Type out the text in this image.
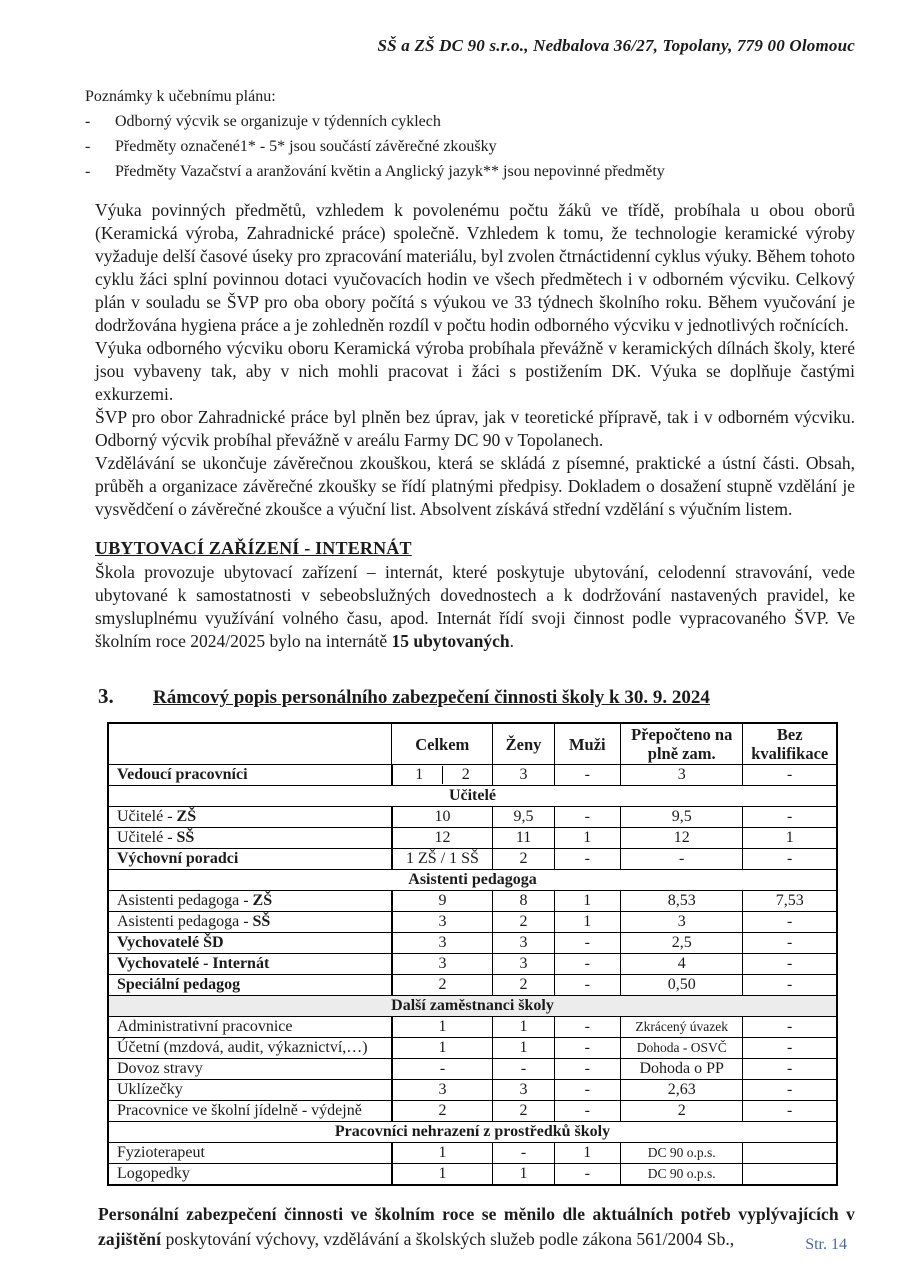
SŠ a ZŠ DC 90 s.r.o., Nedbalova 36/27, Topolany, 779 00 Olomouc
Poznámky k učebnímu plánu:
-	Odborný výcvik se organizuje v týdenních cyklech
-	Předměty označené1* - 5* jsou součástí závěrečné zkoušky
-	Předměty Vazačství a aranžování květin a Anglický jazyk** jsou nepovinné předměty

Výuka povinných předmětů, vzhledem k povolenému počtu žáků ve třídě, probíhala u obou oborů (Keramická výroba, Zahradnické práce) společně. Vzhledem k tomu, že technologie keramické výroby vyžaduje delší časové úseky pro zpracování materiálu, byl zvolen čtrnáctidenní cyklus výuky. Během tohoto cyklu žáci splní povinnou dotaci vyučovacích hodin ve všech předmětech i v odborném výcviku. Celkový plán v souladu se ŠVP pro oba obory počítá s výukou ve 33 týdnech školního roku. Během vyučování je dodržována hygiena práce a je zohledněn rozdíl v počtu hodin odborného výcviku v jednotlivých ročnících.

Výuka odborného výcviku oboru Keramická výroba probíhala převážně v keramických dílnách školy, které jsou vybaveny tak, aby v nich mohli pracovat i žáci s postižením DK. Výuka se doplňuje častými exkurzemi.

ŠVP pro obor Zahradnické práce byl plněn bez úprav, jak v teoretické přípravě, tak i v odborném výcviku. Odborný výcvik probíhal převážně v areálu Farmy DC 90 v Topolanech.

Vzdělávání se ukončuje závěrečnou zkouškou, která se skládá z písemné, praktické a ústní části. Obsah, průběh a organizace závěrečné zkoušky se řídí platnými předpisy. Dokladem o dosažení stupně vzdělání je vysvědčení o závěrečné zkoušce a výuční list. Absolvent získává střední vzdělání s výučním listem.

UBYTOVACÍ ZAŘÍZENÍ - INTERNÁT
Škola provozuje ubytovací zařízení – internát, které poskytuje ubytování, celodenní stravování, vede ubytované k samostatnosti v sebeobslužných dovednostech a k dodržování nastavených pravidel, ke smysluplnému využívání volného času, apod. Internát řídí svoji činnost podle vypracovaného ŠVP. Ve školním roce 2024/2025 bylo na internátě 15 ubytovaných.
3.	Rámcový popis personálního zabezpečení činnosti školy k 30. 9. 2024
	Celkem	Ženy	Muži	Přepočteno na plně zam.	Bez kvalifikace
Vedoucí pracovníci	1 2	3	-	3	-
Učitelé					
Učitelé - ZŠ	10	9,5	-	9,5	-
Učitelé - SŠ	12	11	1	12	1
Výchovní poradci	1 ZŠ / 1 SŠ	2	-	-	-
Asistenti pedagoga					
Asistenti pedagoga - ZŠ	9	8	1	8,53	7,53
Asistenti pedagoga - SŠ	3	2	1	3	-
Vychovatelé ŠD	3	3	-	2,5	-
Vychovatelé - Internát	3	3	-	4	-
Speciální pedagog	2	2	-	0,50	-
Další zaměstnanci školy					
Administrativní pracovnice	1	1	-	Zkrácený úvazek	-
Účetní (mzdová, audit, výkaznictví,…)	1	1	-	Dohoda - OSVČ	-
Dovoz stravy	-	-	-	Dohoda o PP	-
Uklízečky	3	3	-	2,63	-
Pracovnice ve školní jídelně - výdejně	2	2	-	2	-
Pracovníci nehrazení z prostředků školy					
Fyzioterapeut	1	-	1	DC 90 o.p.s.	
Logopedky	1	1	-	DC 90 o.p.s.	
Personální zabezpečení činnosti ve školním roce se měnilo dle aktuálních potřeb vyplývajících v zajištění poskytování výchovy, vzdělávání a školských služeb podle zákona 561/2004 Sb.,	Str. 14
